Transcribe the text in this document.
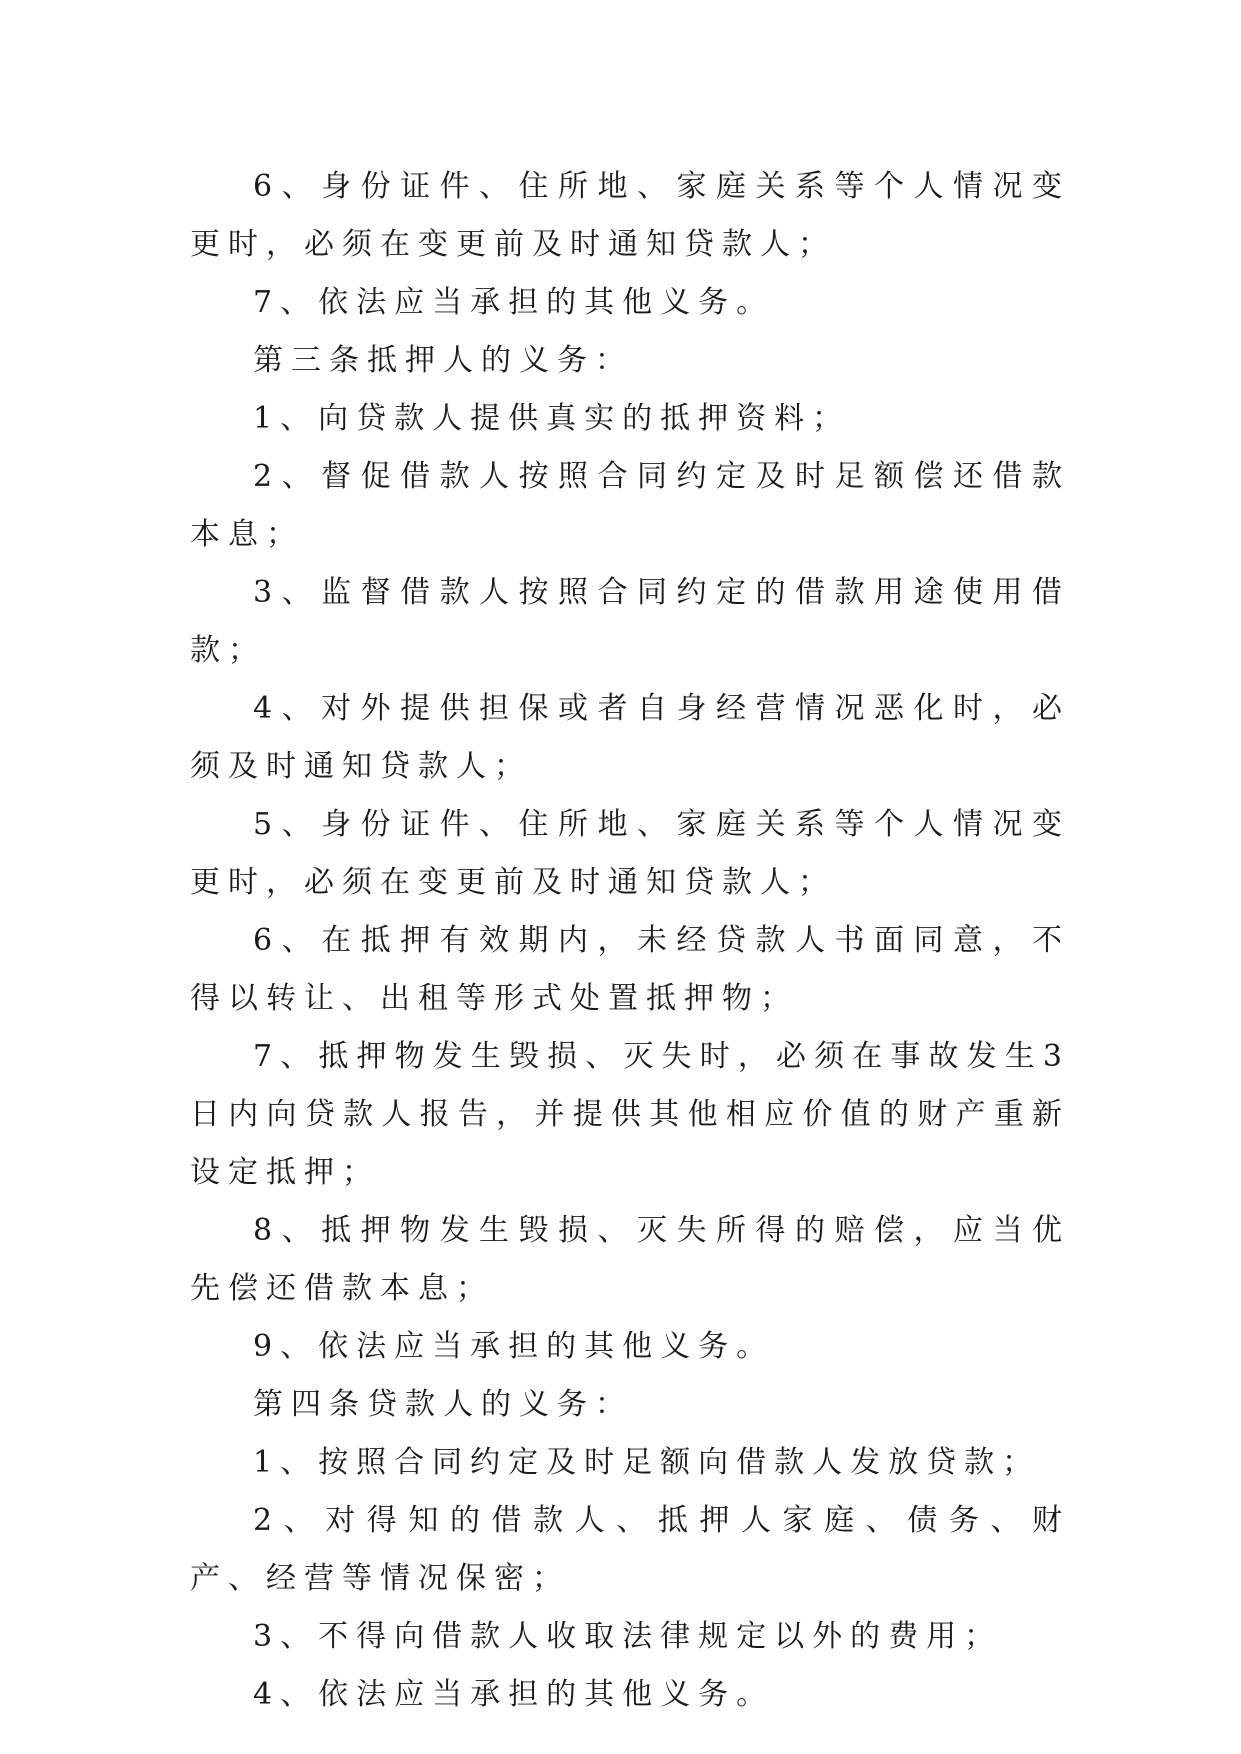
6、身份证件、住所地、家庭关系等个人情况变更时，必须在变更前及时通知贷款人；

7、依法应当承担的其他义务。

第三条抵押人的义务：

1、向贷款人提供真实的抵押资料；

2、督促借款人按照合同约定及时足额偿还借款本息；

3、监督借款人按照合同约定的借款用途使用借款；

4、对外提供担保或者自身经营情况恶化时，必须及时通知贷款人；

5、身份证件、住所地、家庭关系等个人情况变更时，必须在变更前及时通知贷款人；

6、在抵押有效期内，未经贷款人书面同意，不得以转让、出租等形式处置抵押物；

7、抵押物发生毁损、灭失时，必须在事故发生3日内向贷款人报告，并提供其他相应价值的财产重新设定抵押；

8、抵押物发生毁损、灭失所得的赔偿，应当优先偿还借款本息；

9、依法应当承担的其他义务。

第四条贷款人的义务：

1、按照合同约定及时足额向借款人发放贷款；

2、对得知的借款人、抵押人家庭、债务、财产、经营等情况保密；

3、不得向借款人收取法律规定以外的费用；

4、依法应当承担的其他义务。
